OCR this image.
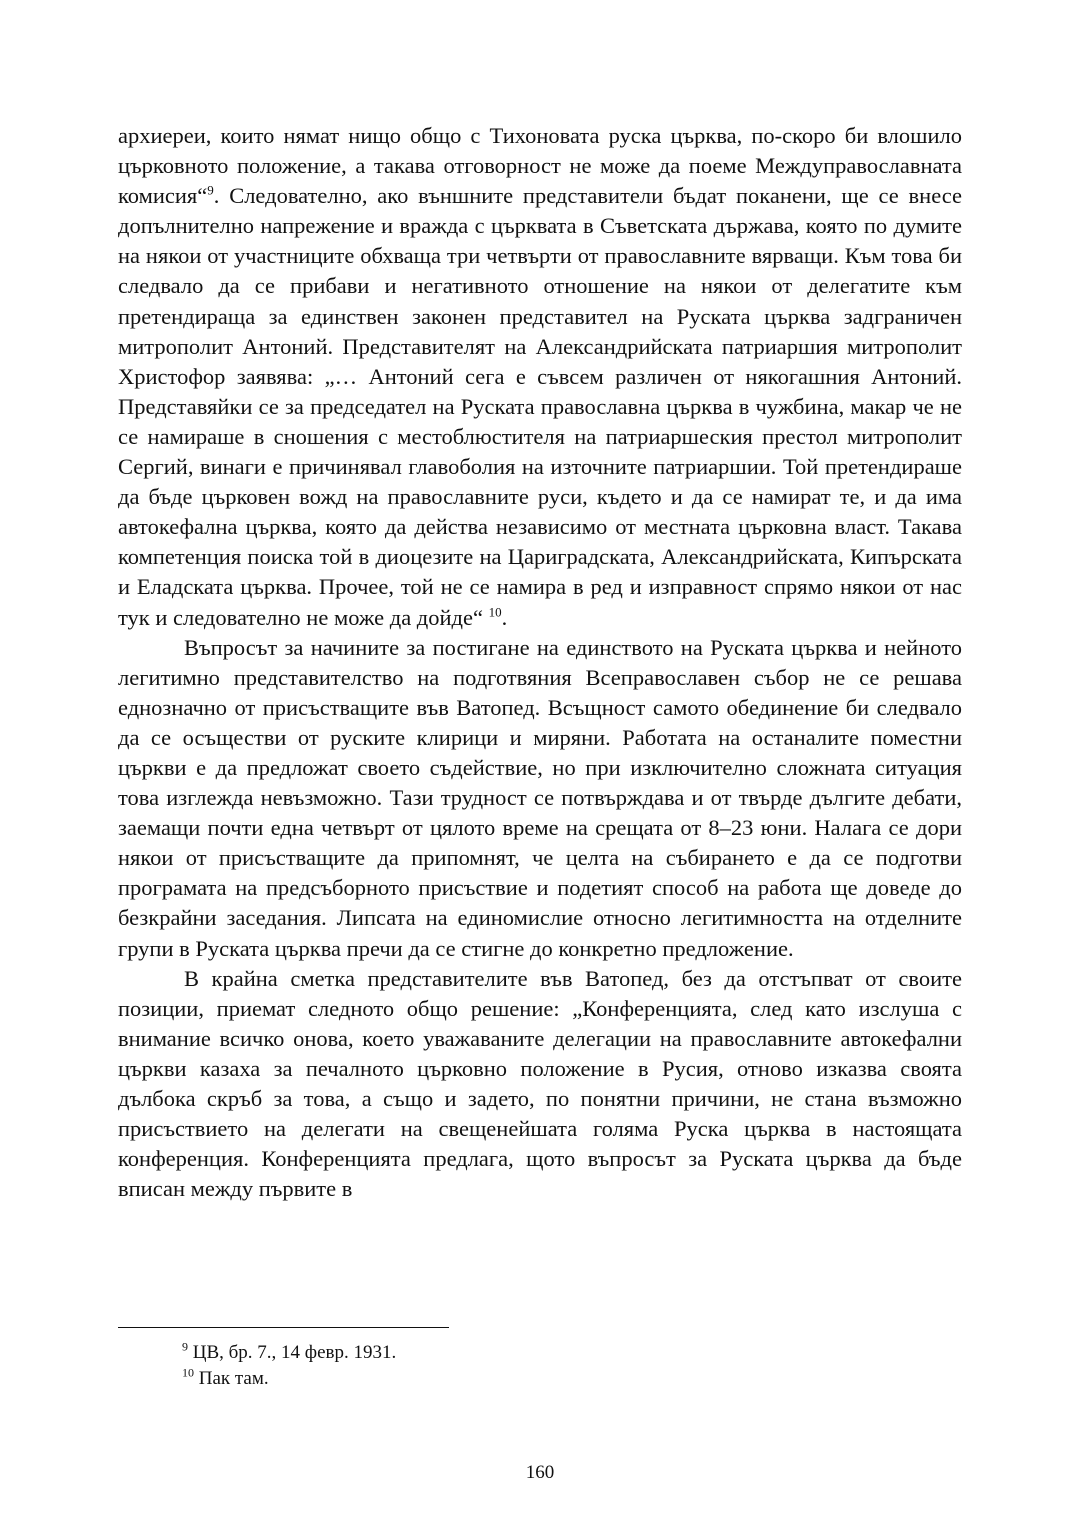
архиереи, които нямат нищо общо с Тихоновата руска църква, по-скоро би влошило църковното положение, а такава отговорност не може да поеме Междуправославната комисия“$^9$. Следователно, ако външните представители бъдат поканени, ще се внесе допълнително напрежение и вражда с църквата в Съветската държава, която по думите на някои от участниците обхваща три четвърти от православните вярващи. Към това би следвало да се прибави и негативното отношение на някои от делегатите към претендираща за единствен законен представител на Руската църква задграничен митрополит Антоний. Представителят на Александрийската патриаршия митрополит Христофор заявява: „… Антоний сега е съвсем различен от някогашния Антоний. Представяйки се за председател на Руската православна църква в чужбина, макар че не се намираше в сношения с местоблюстителя на патриаршеския престол митрополит Сергий, винаги е причинявал главоболия на източните патриаршии. Той претендираше да бъде църковен вожд на православните руси, където и да се намират те, и да има автокефална църква, която да действа независимо от местната църковна власт. Такава компетенция поиска той в диоцезите на Цариградската, Александрийската, Кипърската и Еладската църква. Прочее, той не се намира в ред и изправност спрямо някои от нас тук и следователно не може да дойде“ $^{10}$.

Въпросът за начините за постигане на единството на Руската църква и нейното легитимно представителство на подготвяния Всеправославен събор не се решава еднозначно от присъстващите във Ватопед. Всъщност самото обединение би следвало да се осъществи от руските клирици и миряни. Работата на останалите поместни църкви е да предложат своето съдействие, но при изключително сложната ситуация това изглежда невъзможно. Тази трудност се потвърждава и от твърде дългите дебати, заемащи почти една четвърт от цялото време на срещата от 8–23 юни. Налага се дори някои от присъстващите да припомнят, че целта на събирането е да се подготви програмата на предсъборното присъствие и подетият способ на работа ще доведе до безкрайни заседания. Липсата на единомислие относно легитимността на отделните групи в Руската църква пречи да се стигне до конкретно предложение.

В крайна сметка представителите във Ватопед, без да отстъпват от своите позиции, приемат следното общо решение: „Конференцията, след като изслуша с внимание всичко онова, което уважаваните делегации на православните автокефални църкви казаха за печалното църковно положение в Русия, отново изказва своята дълбока скръб за това, а също и задето, по понятни причини, не стана възможно присъствието на делегати на свещенейшата голяма Руска църква в настоящата конференция. Конференцията предлага, щото въпросът за Руската църква да бъде вписан между първите в

$^9$ ЦВ, бр. 7., 14 февр. 1931.
$^{10}$ Пак там.
160
